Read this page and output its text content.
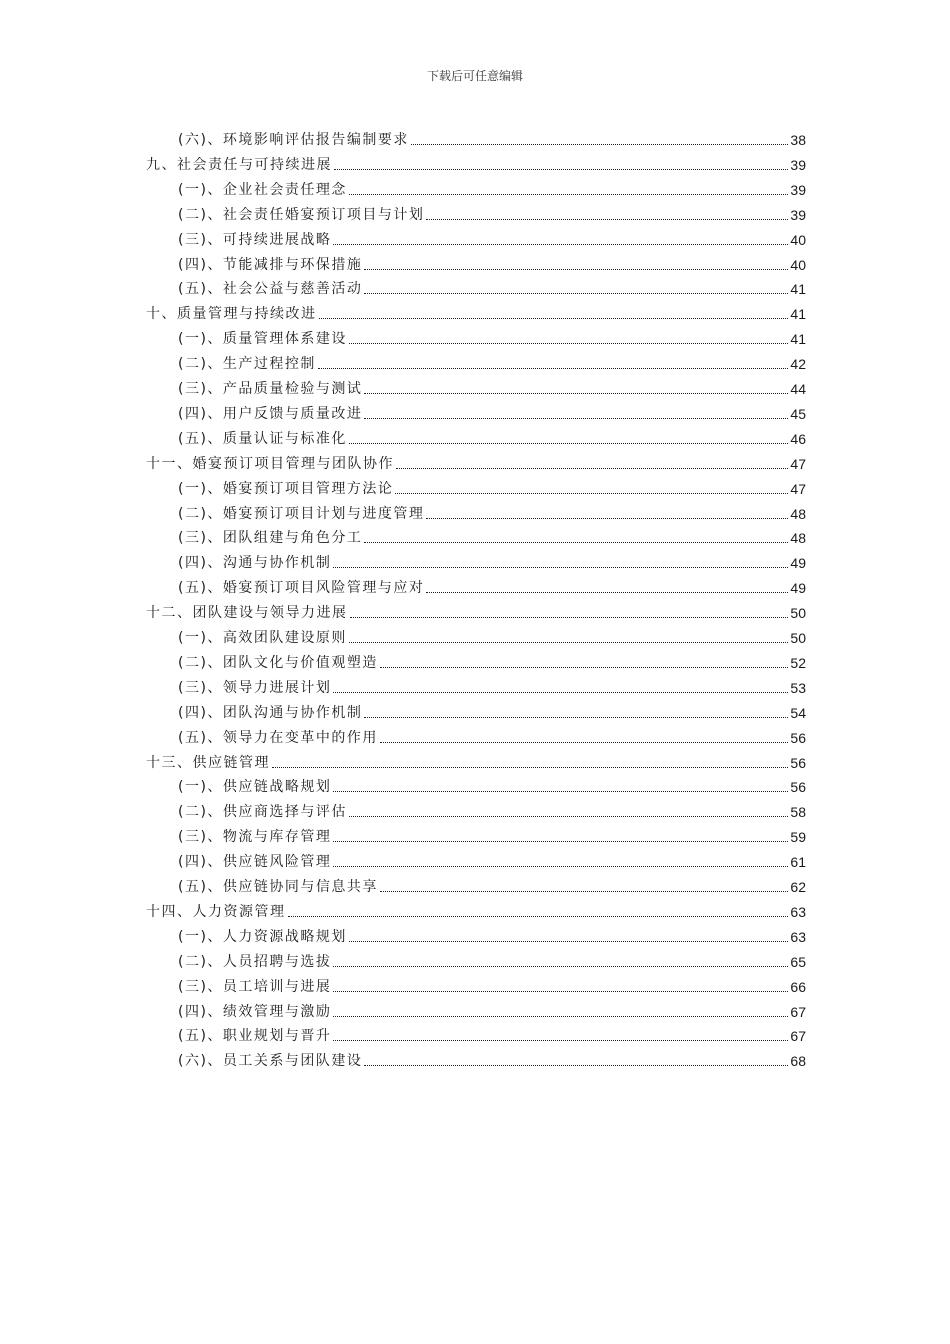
下载后可任意编辑
(六)、环境影响评估报告编制要求	38
九、社会责任与可持续进展	39
(一)、企业社会责任理念	39
(二)、社会责任婚宴预订项目与计划	39
(三)、可持续进展战略	40
(四)、节能减排与环保措施	40
(五)、社会公益与慈善活动	41
十、质量管理与持续改进	41
(一)、质量管理体系建设	41
(二)、生产过程控制	42
(三)、产品质量检验与测试	44
(四)、用户反馈与质量改进	45
(五)、质量认证与标准化	46
十一、婚宴预订项目管理与团队协作	47
(一)、婚宴预订项目管理方法论	47
(二)、婚宴预订项目计划与进度管理	48
(三)、团队组建与角色分工	48
(四)、沟通与协作机制	49
(五)、婚宴预订项目风险管理与应对	49
十二、团队建设与领导力进展	50
(一)、高效团队建设原则	50
(二)、团队文化与价值观塑造	52
(三)、领导力进展计划	53
(四)、团队沟通与协作机制	54
(五)、领导力在变革中的作用	56
十三、供应链管理	56
(一)、供应链战略规划	56
(二)、供应商选择与评估	58
(三)、物流与库存管理	59
(四)、供应链风险管理	61
(五)、供应链协同与信息共享	62
十四、人力资源管理	63
(一)、人力资源战略规划	63
(二)、人员招聘与选拔	65
(三)、员工培训与进展	66
(四)、绩效管理与激励	67
(五)、职业规划与晋升	67
(六)、员工关系与团队建设	68
